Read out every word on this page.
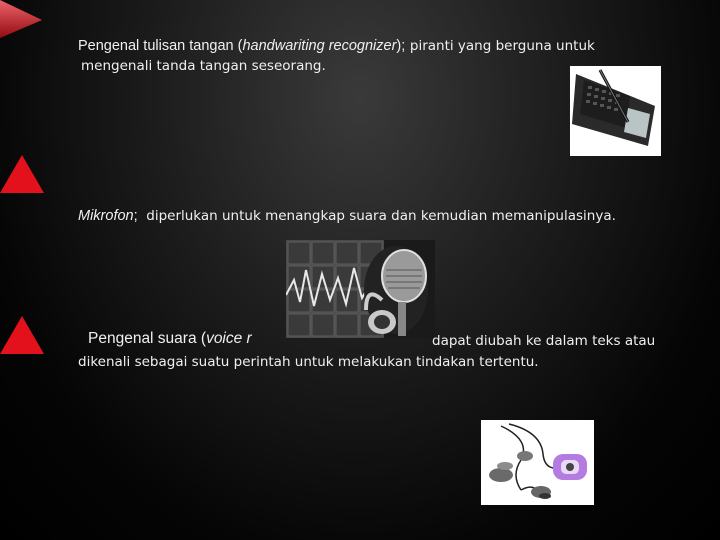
Pengenal tulisan tangan (handwariting recognizer); piranti yang berguna untuk
mengenali tanda tangan seseorang.
Mikrofon; diperlukan untuk menangkap suara dan kemudian memanipulasinya.
Pengenal suara (voice r	dapat diubah ke dalam teks atau
dikenali sebagai suatu perintah untuk melakukan tindakan tertentu.
